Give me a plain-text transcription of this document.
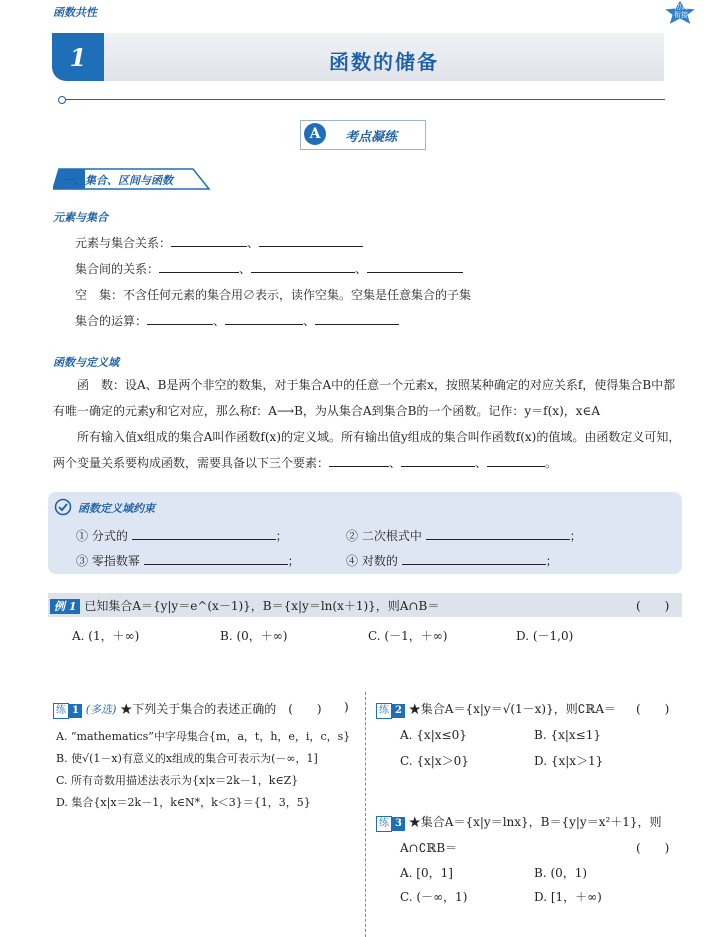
函数共性	初高衔接
1	函数的储备
A	考点凝练
一、集合、区间与函数
元素与集合
元素与集合关系：	、
集合间的关系：	、	、
空　集：不含任何元素的集合用∅表示，读作空集。空集是任意集合的子集
集合的运算：	、	、
函数与定义域
函　数：设A、B是两个非空的数集，对于集合A中的任意一个元素x，按照某种确定的对应关系f，使得集合B中都有唯一确定的元素y和它对应，那么称f：A⟶B，为从集合A到集合B的一个函数。记作：y＝f(x)，x∈A
所有输入值x组成的集合A叫作函数f(x)的定义域。所有输出值y组成的集合叫作函数f(x)的值域。由函数定义可知，两个变量关系要构成函数，需要具备以下三个要素：	、	、	。
函数定义域约束
① 分式的	；	② 二次根式中	；
③ 零指数幂	；	④ 对数的	；
例 1 已知集合A＝{y|y＝e^(x－1)}，B＝{x|y＝ln(x＋1)}，则A∩B＝	(　　)
A. (1，＋∞)	B. (0，＋∞)	C. (－1，＋∞)	D. (－1,0)
练 1 (多选) ★下列关于集合的表述正确的　(　　) )
A. “mathematics”中字母集合{m，a，t，h，e，i，c，s}
B. 使√(1－x)有意义的x组成的集合可表示为(－∞，1]
C. 所有奇数用描述法表示为{x|x＝2k－1，k∈Z}
D. 集合{x|x＝2k－1，k∈N*，k＜3}＝{1，3，5}
练 2 ★集合A＝{x|y＝√(1－x)}，则∁ℝA＝ (　　)
A. {x|x≤0}	B. {x|x≤1}
C. {x|x＞0}	D. {x|x＞1}
练 3 ★集合A＝{x|y＝lnx}，B＝{y|y＝x²＋1}，则
A∩∁ℝB＝	(　　)
A. [0，1]	B. (0，1)
C. (－∞，1)	D. [1，＋∞)
